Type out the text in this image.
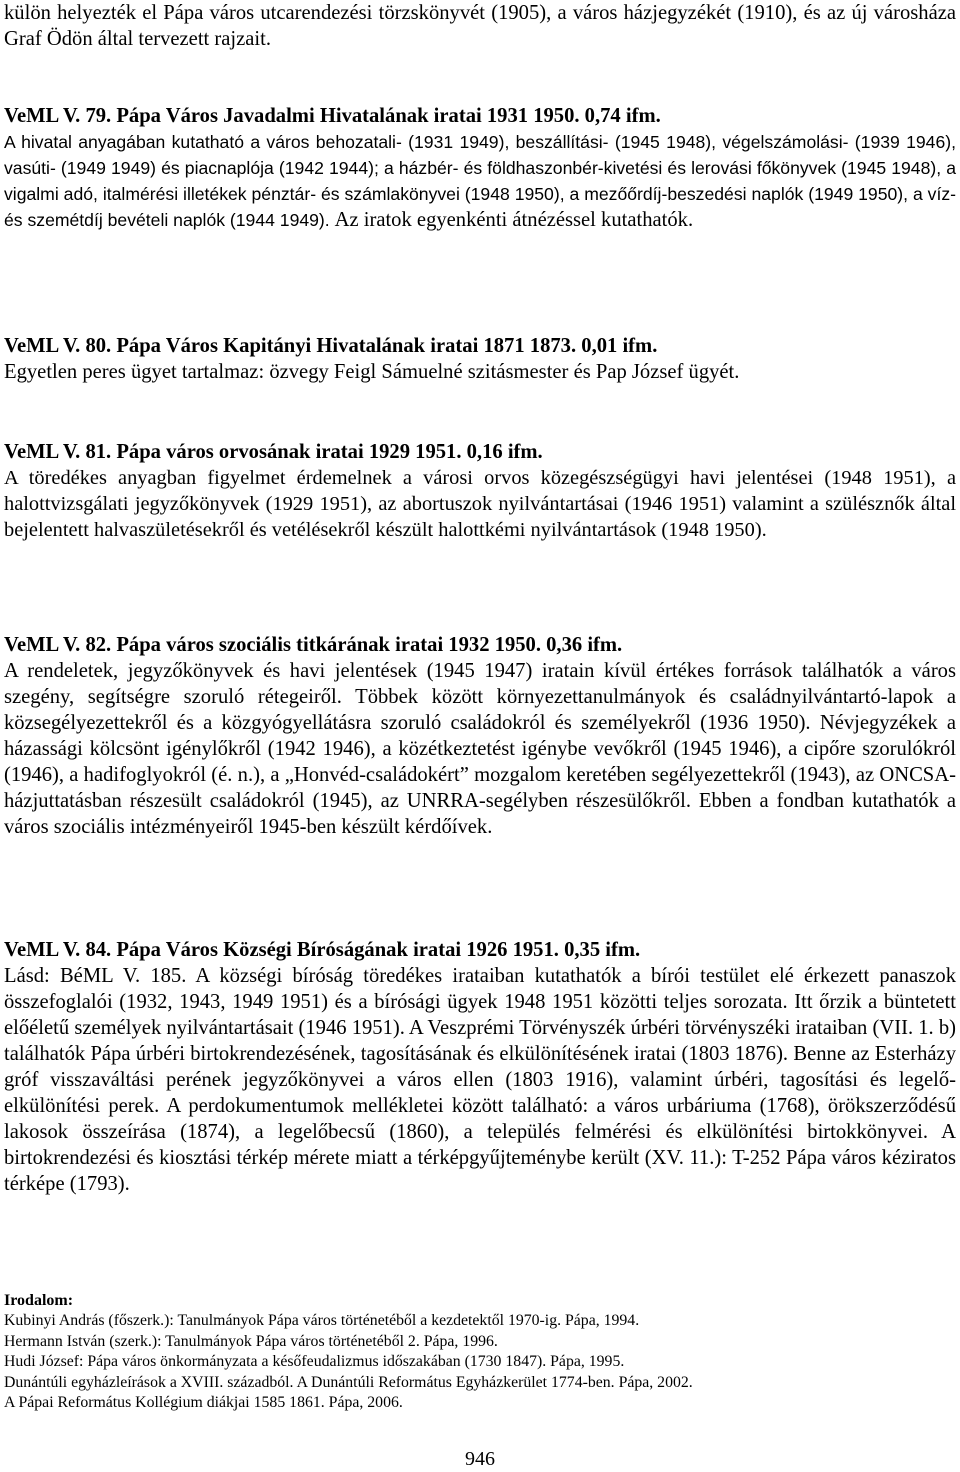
külön helyezték el Pápa város utcarendezési törzskönyvét (1905), a város házjegyzékét (1910), és az új városháza Graf Ödön által tervezett rajzait.

VeML V. 79. Pápa Város Javadalmi Hivatalának iratai 1931 1950. 0,74 ifm.

A hivatal anyagában kutatható a város behozatali- (1931 1949), beszállítási- (1945 1948), végelszámolási- (1939 1946), vasúti- (1949 1949) és piacnaplója (1942 1944); a házbér- és földhaszonbér-kivetési és lerovási főkönyvek (1945 1948), a vigalmi adó, italmérési illetékek pénztár- és számlakönyvei (1948 1950), a mezőőrdíj-beszedési naplók (1949 1950), a víz- és szemétdíj bevételi naplók (1944 1949). Az iratok egyenkénti átnézéssel kutathatók.

VeML V. 80. Pápa Város Kapitányi Hivatalának iratai 1871 1873. 0,01 ifm.

Egyetlen peres ügyet tartalmaz: özvegy Feigl Sámuelné szitásmester és Pap József ügyét.

VeML V. 81. Pápa város orvosának iratai 1929 1951. 0,16 ifm.

A töredékes anyagban figyelmet érdemelnek a városi orvos közegészségügyi havi jelentései (1948 1951), a halottvizsgálati jegyzőkönyvek (1929 1951), az abortuszok nyilvántartásai (1946 1951) valamint a szülésznők által bejelentett halvaszületésekről és vetélésekről készült halottkémi nyilvántartások (1948 1950).

VeML V. 82. Pápa város szociális titkárának iratai 1932 1950. 0,36 ifm.

A rendeletek, jegyzőkönyvek és havi jelentések (1945 1947) iratain kívül értékes források találhatók a város szegény, segítségre szoruló rétegeiről. Többek között környezettanulmányok és családnyilvántartó-lapok a közsegélyezettekről és a közgyógyellátásra szoruló családokról és személyekről (1936 1950). Névjegyzékek a házassági kölcsönt igénylőkről (1942 1946), a közétkeztetést igénybe vevőkről (1945 1946), a cipőre szorulókról (1946), a hadifoglyokról (é. n.), a „Honvéd-családokért” mozgalom keretében segélyezettekről (1943), az ONCSA-házjuttatásban részesült családokról (1945), az UNRRA-segélyben részesülőkről. Ebben a fondban kutathatók a város szociális intézményeiről 1945-ben készült kérdőívek.

VeML V. 84. Pápa Város Községi Bíróságának iratai 1926 1951. 0,35 ifm.

Lásd: BéML V. 185. A községi bíróság töredékes irataiban kutathatók a bírói testület elé érkezett panaszok összefoglalói (1932, 1943, 1949 1951) és a bírósági ügyek 1948 1951 közötti teljes sorozata. Itt őrzik a büntetett előéletű személyek nyilvántartásait (1946 1951). A Veszprémi Törvényszék úrbéri törvényszéki irataiban (VII. 1. b) találhatók Pápa úrbéri birtokrendezésének, tagosításának és elkülönítésének iratai (1803 1876). Benne az Esterházy gróf visszaváltási perének jegyzőkönyvei a város ellen (1803 1916), valamint úrbéri, tagosítási és legelő-elkülönítési perek. A perdokumentumok mellékletei között található: a város urbáriuma (1768), örökszerződésű lakosok összeírása (1874), a legelőbecsű (1860), a település felmérési és elkülönítési birtokkönyvei. A birtokrendezési és kiosztási térkép mérete miatt a térképgyűjteménybe került (XV. 11.): T-252 Pápa város kéziratos térképe (1793).

Irodalom:

Kubinyi András (főszerk.): Tanulmányok Pápa város történetéből a kezdetektől 1970-ig. Pápa, 1994.

Hermann István (szerk.): Tanulmányok Pápa város történetéből 2. Pápa, 1996.

Hudi József: Pápa város önkormányzata a későfeudalizmus időszakában (1730 1847). Pápa, 1995.

Dunántúli egyházleírások a XVIII. századból. A Dunántúli Református Egyházkerület 1774-ben. Pápa, 2002.

A Pápai Református Kollégium diákjai 1585 1861. Pápa, 2006.

946
